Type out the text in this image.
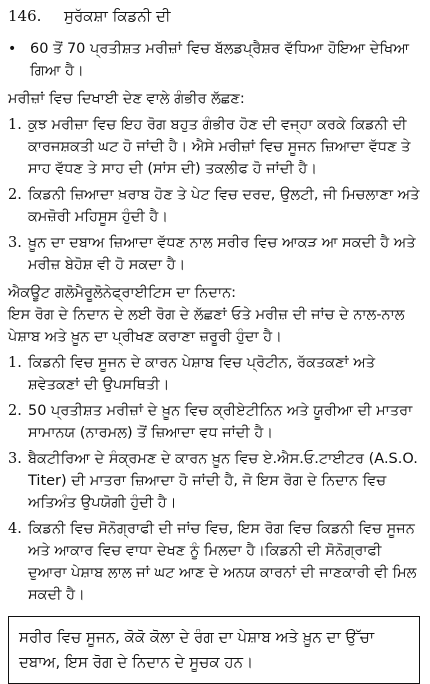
146. ਸੁਰੱਕਸ਼ਾ ਕਿਡਨੀ ਦੀ
• 60 ਤੋਂ 70 ਪ੍ਰਤੀਸ਼ਤ ਮਰੀਜ਼ਾਂ ਵਿਚ ਬੱਲਡਪ੍ਰੈਸ਼ਰ ਵੱਧਿਆ ਹੋਇਆ ਦੇਖਿਆ ਗਿਆ ਹੈ।
ਮਰੀਜ਼ਾਂ ਵਿਚ ਦਿਖਾਈ ਦੇਣ ਵਾਲੇ ਗੰਭੀਰ ਲੱਛਣ:
1. ਕੁਝ ਮਰੀਜ਼ਾ ਵਿਚ ਇਹ ਰੋਗ ਬਹੁਤ ਗੰਭੀਰ ਹੋਣ ਦੀ ਵਜ੍ਹਾ ਕਰਕੇ ਕਿਡਨੀ ਦੀ ਕਾਰਜਸ਼ਕਤੀ ਘਟ ਹੋ ਜਾਂਦੀ ਹੈ। ਐਸੇ ਮਰੀਜ਼ਾਂ ਵਿਚ ਸੂਜਨ ਜ਼ਿਆਦਾ ਵੱਧਣ ਤੇ ਸਾਹ ਵੱਧਣ ਤੇ ਸਾਹ ਦੀ (ਸਾਂਸ ਦੀ) ਤਕਲੀਫ ਹੋ ਜਾਂਦੀ ਹੈ।
2. ਕਿਡਨੀ ਜ਼ਿਆਦਾ ਖ਼ਰਾਬ ਹੋਣ ਤੇ ਪੇਟ ਵਿਚ ਦਰਦ, ਉਲਟੀ, ਜੀ ਮਿਚਲਾਣਾ ਅਤੇ ਕਮਜ਼ੋਰੀ ਮਹਿਸੂਸ ਹੁੰਦੀ ਹੈ।
3. ਖ਼ੂਨ ਦਾ ਦਬਾਅ ਜ਼ਿਆਦਾ ਵੱਧਣ ਨਾਲ ਸਰੀਰ ਵਿਚ ਆਕੜ ਆ ਸਕਦੀ ਹੈ ਅਤੇ ਮਰੀਜ਼ ਬੇਹੋਸ਼ ਵੀ ਹੋ ਸਕਦਾ ਹੈ।
ਐਕਊਟ ਗਲੋਮੈਰੂਲੋਨੇਫ੍ਰਾਈਟਿਸ ਦਾ ਨਿਦਾਨ:
ਇਸ ਰੋਗ ਦੇ ਨਿਦਾਨ ਦੇ ਲਈ ਰੋਗ ਦੇ ਲੱਛਣਾਂ ਓਤੇ ਮਰੀਜ਼ ਦੀ ਜਾਂਚ ਦੇ ਨਾਲ-ਨਾਲ ਪੇਸ਼ਾਬ ਅਤੇ ਖ਼ੂਨ ਦਾ ਪ੍ਰੀਖਣ ਕਰਾਣਾ ਜ਼ਰੂਰੀ ਹੁੰਦਾ ਹੈ।
1. ਕਿਡਨੀ ਵਿਚ ਸੂਜਨ ਦੇ ਕਾਰਨ ਪੇਸ਼ਾਬ ਵਿਚ ਪ੍ਰੋਟੀਨ, ਰੱਕਤਕਣਾਂ ਅਤੇ ਸ਼ਵੇਤਕਣਾਂ ਦੀ ਉਪਸਥਿਤੀ।
2. 50 ਪ੍ਰਤੀਸ਼ਤ ਮਰੀਜ਼ਾਂ ਦੇ ਖ਼ੂਨ ਵਿਚ ਕ੍ਰੀਏਟੀਨਿਨ ਅਤੇ ਯੂਰੀਆ ਦੀ ਮਾਤਰਾ ਸਾਮਾਨਯ (ਨਾਰਮਲ) ਤੋਂ ਜ਼ਿਆਦਾ ਵਧ ਜਾਂਦੀ ਹੈ।
3. ਬੈਕਟੀਰਿਆ ਦੇ ਸੰਕ੍ਰਮਣ ਦੇ ਕਾਰਨ ਖ਼ੂਨ ਵਿਚ ਏ.ਐਸ.ਓ.ਟਾਈਟਰ (A.S.O. Titer) ਦੀ ਮਾਤਰਾ ਜ਼ਿਆਦਾ ਹੋ ਜਾਂਦੀ ਹੈ, ਜੋ ਇਸ ਰੋਗ ਦੇ ਨਿਦਾਨ ਵਿਚ ਅਤਿਅੰਤ ਉਪਯੋਗੀ ਹੁੰਦੀ ਹੈ।
4. ਕਿਡਨੀ ਵਿਚ ਸੋਨੋਗ੍ਰਾਫੀ ਦੀ ਜਾਂਚ ਵਿਚ, ਇਸ ਰੋਗ ਵਿਚ ਕਿਡਨੀ ਵਿਚ ਸੂਜਨ ਅਤੇ ਆਕਾਰ ਵਿਚ ਵਾਧਾ ਦੇਖਣ ਨੂੰ ਮਿਲਦਾ ਹੈ।ਕਿਡਨੀ ਦੀ ਸੋਨੋਗ੍ਰਾਫੀ ਦੁਆਰਾ ਪੇਸ਼ਾਬ ਲਾਲ ਜਾਂ ਘਟ ਆਣ ਦੇ ਅਨਯ ਕਾਰਨਾਂ ਦੀ ਜਾਣਕਾਰੀ ਵੀ ਮਿਲ ਸਕਦੀ ਹੈ।
ਸਰੀਰ ਵਿਚ ਸੂਜਨ, ਕੋਕੋ ਕੋਲਾ ਦੇ ਰੰਗ ਦਾ ਪੇਸ਼ਾਬ ਅਤੇ ਖ਼ੂਨ ਦਾ ਉੱਚਾ ਦਬਾਅ, ਇਸ ਰੋਗ ਦੇ ਨਿਦਾਨ ਦੇ ਸੂਚਕ ਹਨ।
